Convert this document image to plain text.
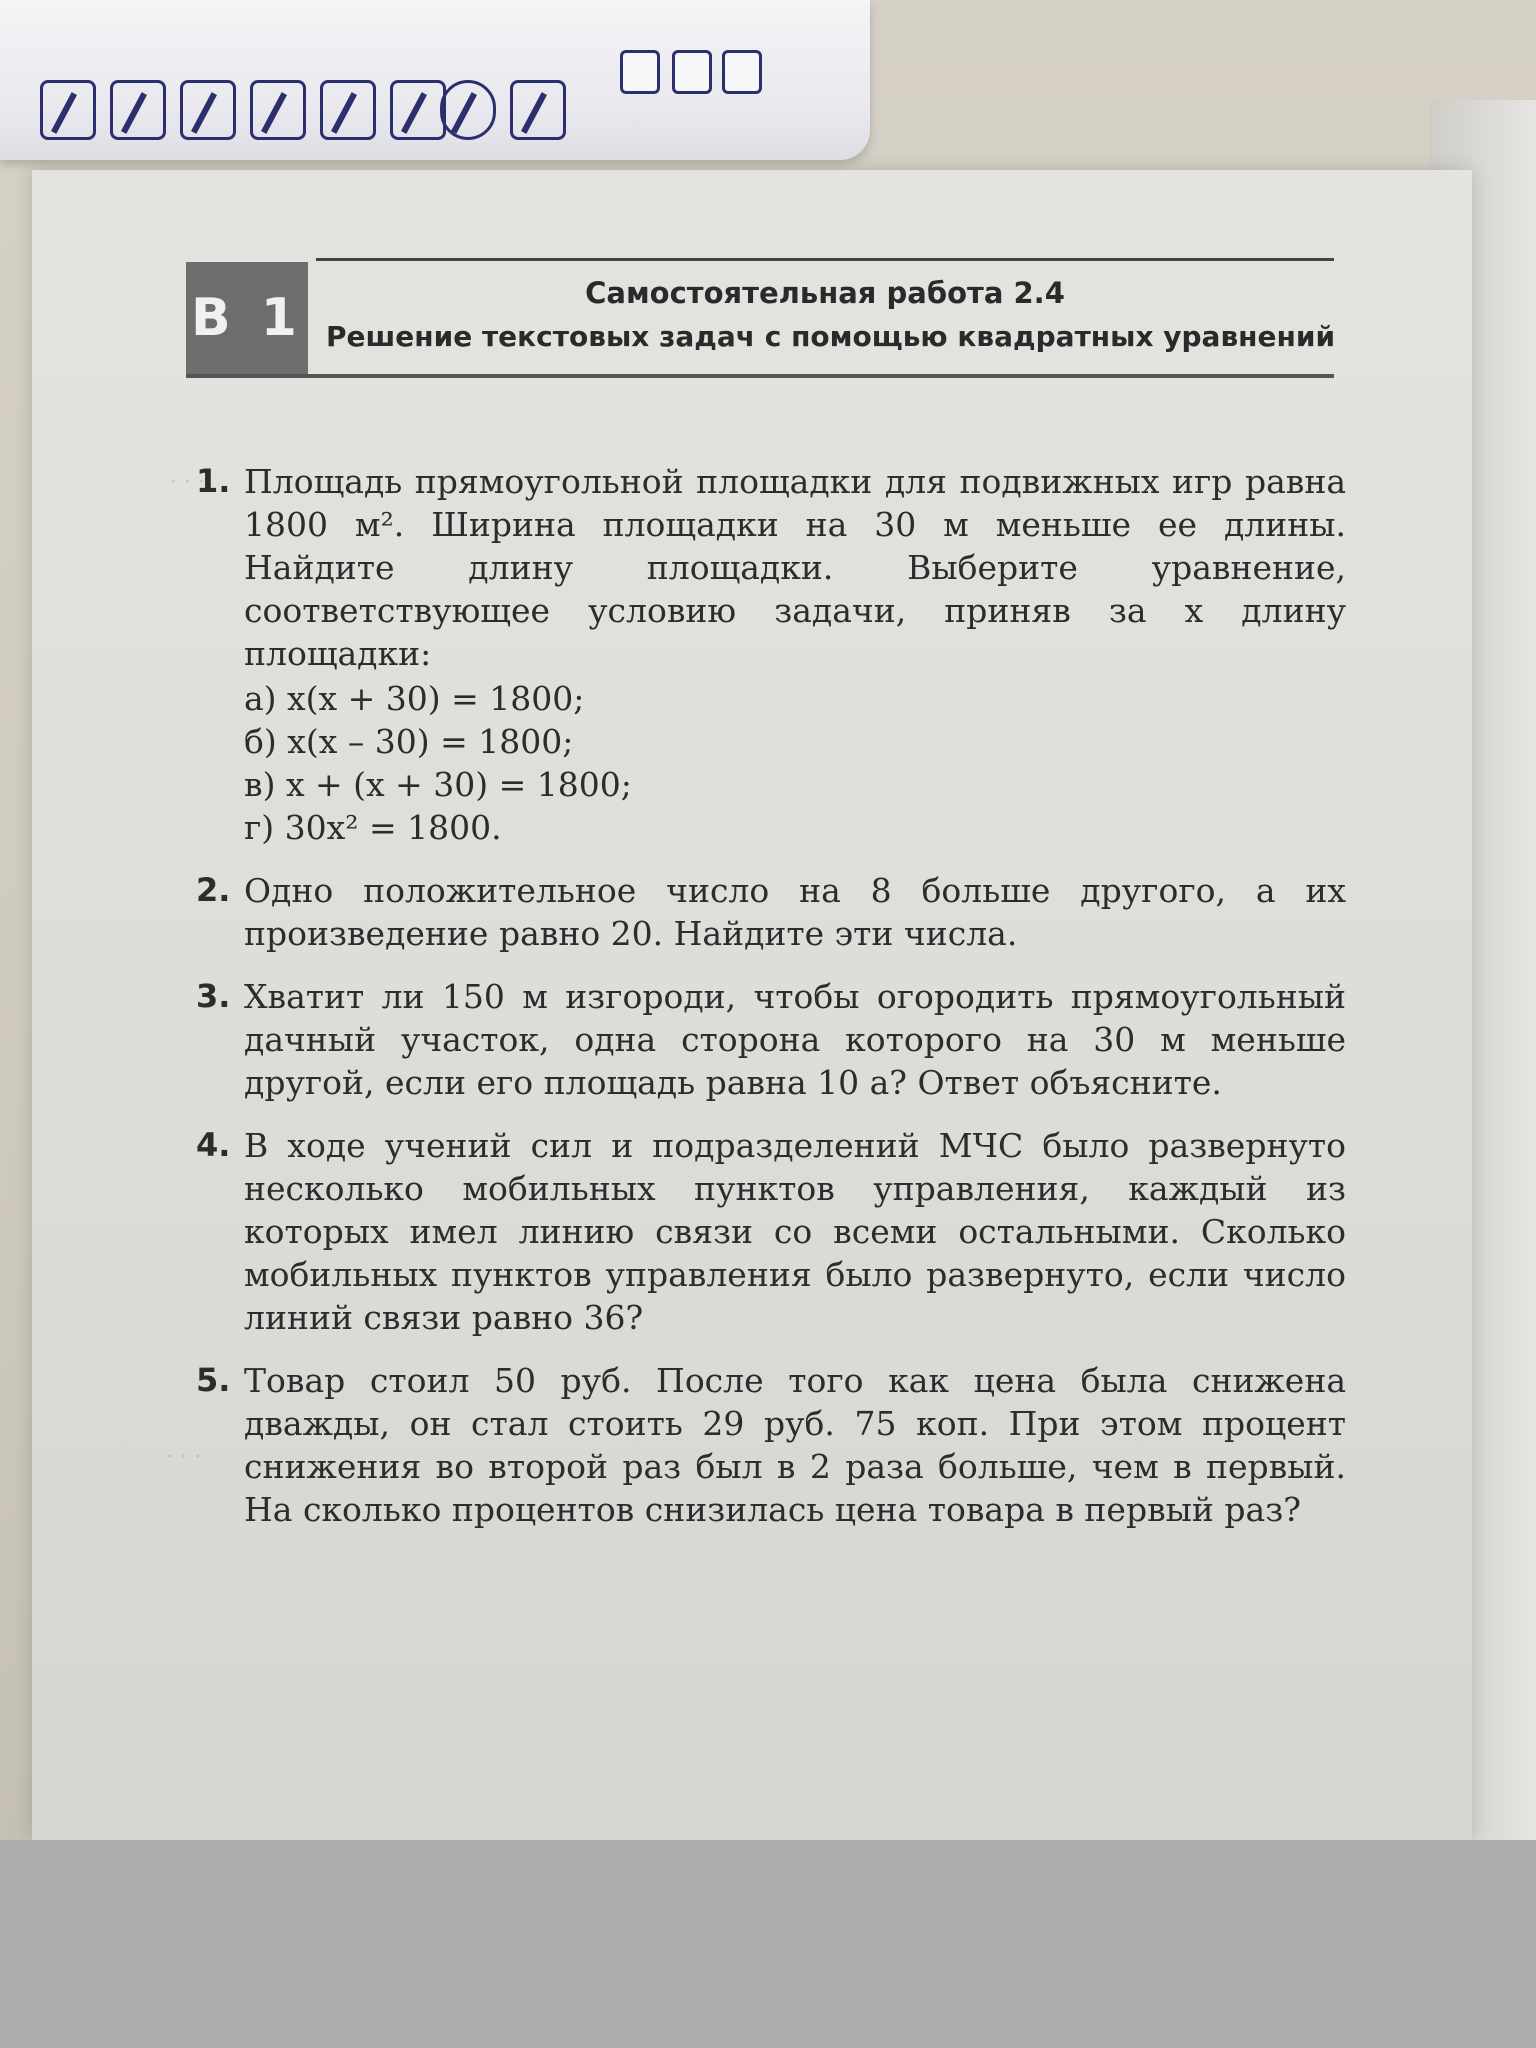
· · ·
· · ·
В 1	Самостоятельная работа 2.4
Решение текстовых задач с помощью квадратных уравнений
1. Площадь прямоугольной площадки для подвижных игр равна 1800 м². Ширина площадки на 30 м меньше ее длины. Найдите длину площадки. Выберите уравнение, соответствующее условию задачи, приняв за x длину площадки:
а) x(x + 30) = 1800;
б) x(x – 30) = 1800;
в) x + (x + 30) = 1800;
г) 30x² = 1800.
2. Одно положительное число на 8 больше другого, а их произведение равно 20. Найдите эти числа.
3. Хватит ли 150 м изгороди, чтобы огородить прямоугольный дачный участок, одна сторона которого на 30 м меньше другой, если его площадь равна 10 а? Ответ объясните.
4. В ходе учений сил и подразделений МЧС было развернуто несколько мобильных пунктов управления, каждый из которых имел линию связи со всеми остальными. Сколько мобильных пунктов управления было развернуто, если число линий связи равно 36?
5. Товар стоил 50 руб. После того как цена была снижена дважды, он стал стоить 29 руб. 75 коп. При этом процент снижения во второй раз был в 2 раза больше, чем в первый. На сколько процентов снизилась цена товара в первый раз?
